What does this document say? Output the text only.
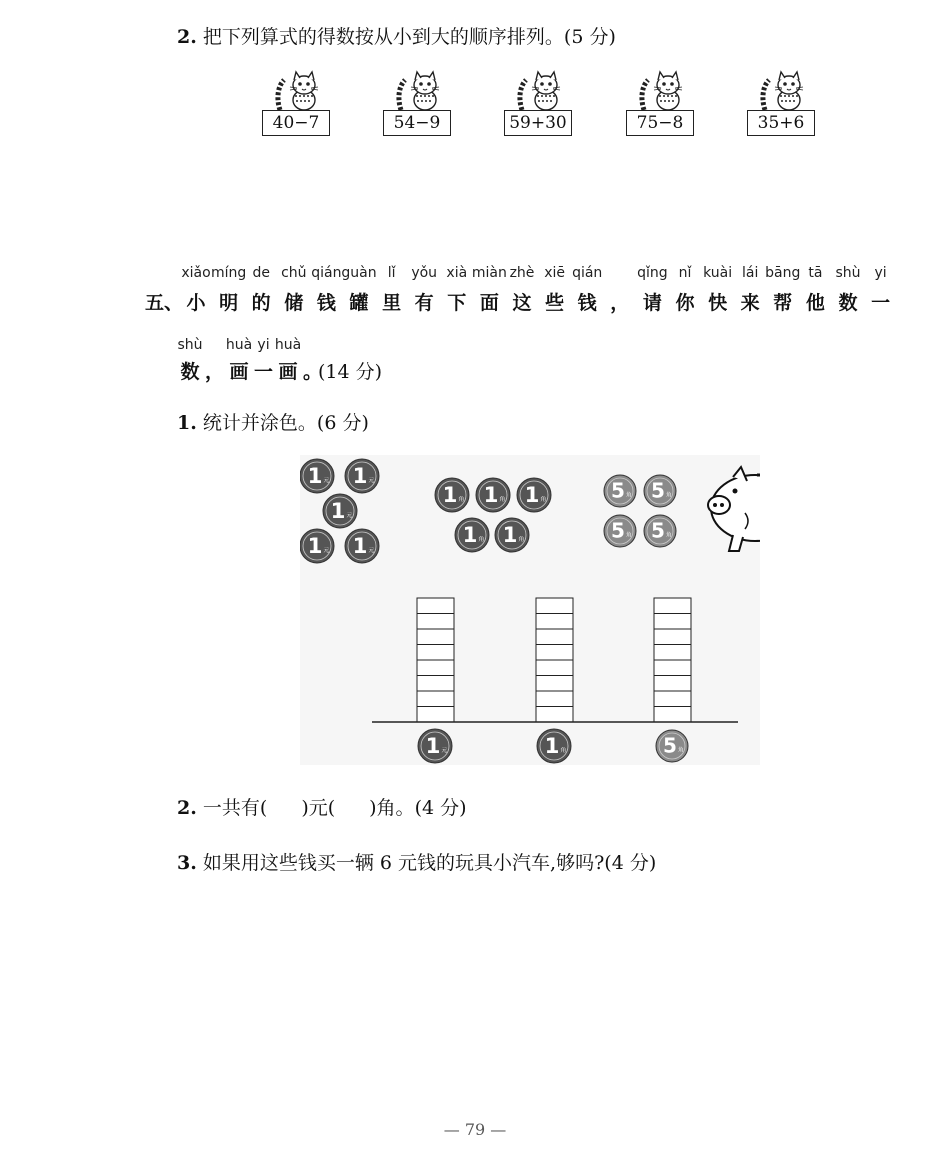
2. 把下列算式的得数按从小到大的顺序排列。(5 分)
40−7	54−9	59+30	75−8	35+6
xiǎo míng de chǔ qián guàn lǐ	yǒu xià miàn zhè xiē qián	qǐng nǐ kuài lái bāng tā shù yi
小 明 的 储 钱 罐 里 有 下 面 这 些 钱 ， 请 你 快 来 帮 他 数 一
五、
shù	huà yi huà
数 ， 画 一 画 。
(14 分)
1. 统计并涂色。(6 分)
1 元 1 元
1 元
1 元 1 元
1 角 1 角 1 角
1 角 1 角
5 角 5 角
5 角 5 角
1 元	1 角	5 角
2. 一共有( )元( )角。(4 分)
3. 如果用这些钱买一辆 6 元钱的玩具小汽车,够吗?(4 分)
— 79 —
